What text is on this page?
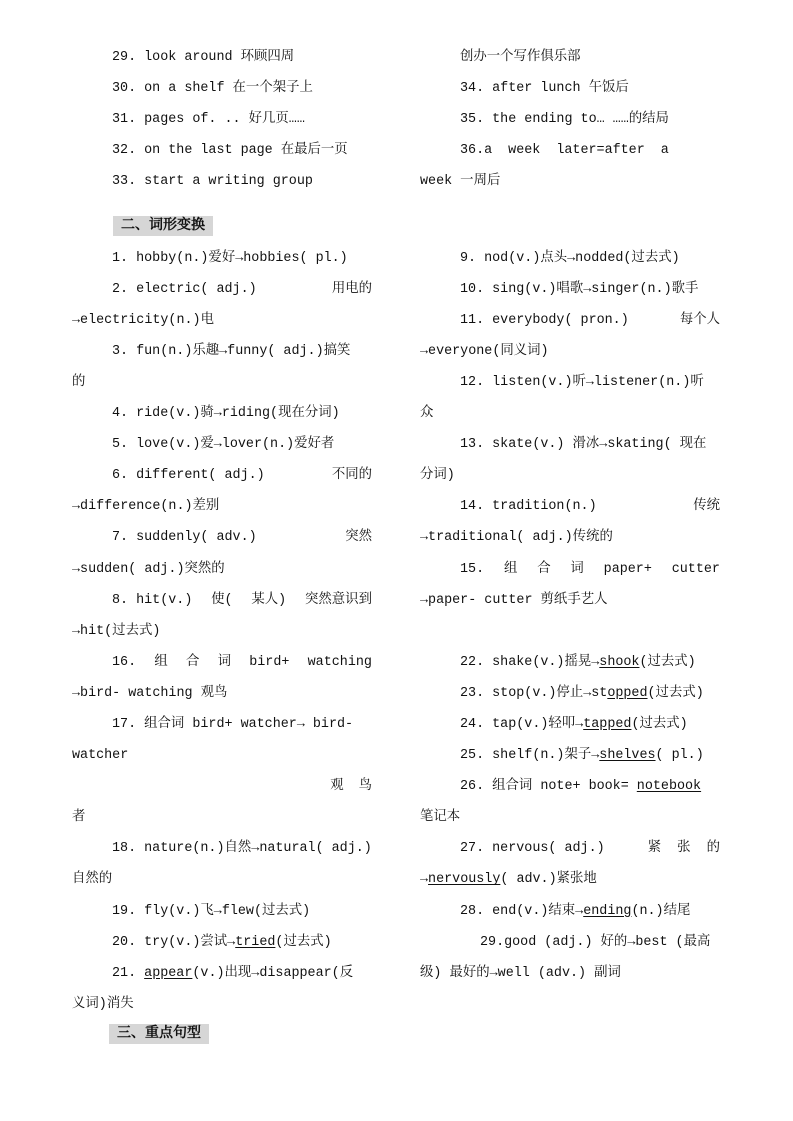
29. look around 环顾四周
30. on a shelf 在一个架子上
31. pages of. .. 好几页……
32. on the last page 在最后一页
33. start a writing group
创办一个写作俱乐部
34. after lunch 午饭后
35. the ending to… ……的结局
36.a week later=after a
week 一周后
二、词形变换
1. hobby(n.)爱好→hobbies( pl.)
2. electric( adj.)	用电的
→electricity(n.)电
3. fun(n.)乐趣→funny( adj.)搞笑
的
4. ride(v.)骑→riding(现在分词)
5. love(v.)爱→lover(n.)爱好者
6. different( adj.)	不同的
→difference(n.)差别
7. suddenly( adv.)	突然
→sudden( adj.)突然的
8. hit(v.) 使( 某人) 突然意识到
→hit(过去式)
9. nod(v.)点头→nodded(过去式)
10. sing(v.)唱歌→singer(n.)歌手
11. everybody( pron.)	每个人
→everyone(同义词)
12. listen(v.)听→listener(n.)听
众
13. skate(v.) 滑冰→skating( 现在
分词)
14. tradition(n.)	传统
→traditional( adj.)传统的
15. 组 合 词 paper+ cutter
→paper- cutter 剪纸手艺人
16. 组 合 词 bird+ watching
→bird- watching 观鸟
17. 组合词 bird+ watcher→ bird-
watcher
观 鸟
者
18. nature(n.)自然→natural( adj.)
自然的
19. fly(v.)飞→flew(过去式)
20. try(v.)尝试→tried(过去式)
21. appear(v.)出现→disappear(反
义词)消失
22. shake(v.)摇晃→shook(过去式)
23. stop(v.)停止→stopped(过去式)
24. tap(v.)轻叩→tapped(过去式)
25. shelf(n.)架子→shelves( pl.)
26. 组合词 note+ book= notebook
笔记本
27. nervous( adj.)	紧 张 的
→nervously( adv.)紧张地
28. end(v.)结束→ending(n.)结尾
29.good (adj.) 好的→best (最高
级) 最好的→well (adv.) 副词
三、重点句型
